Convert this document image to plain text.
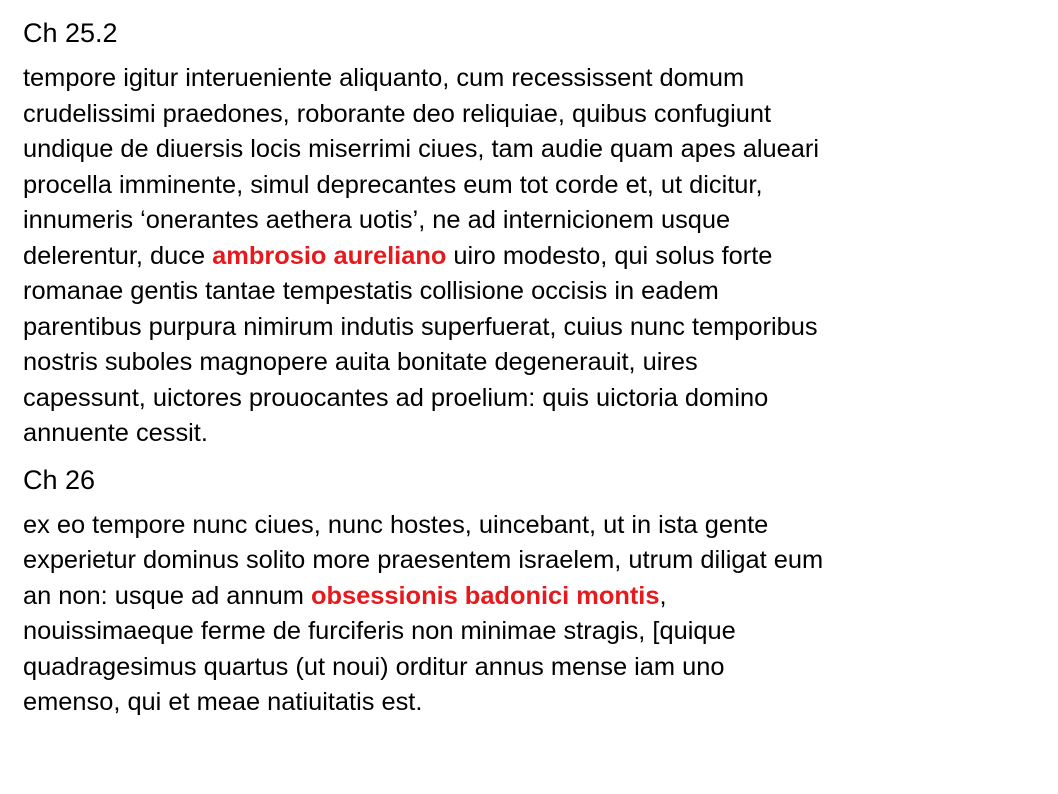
Ch 25.2
tempore igitur interueniente aliquanto, cum recessissent domum
crudelissimi praedones, roborante deo reliquiae, quibus confugiunt
undique de diuersis locis miserrimi ciues, tam audie quam apes alueari
procella imminente, simul deprecantes eum tot corde et, ut dicitur,
innumeris ‘onerantes aethera uotis’, ne ad internicionem usque
delerentur, duce ambrosio aureliano uiro modesto, qui solus forte
romanae gentis tantae tempestatis collisione occisis in eadem
parentibus purpura nimirum indutis superfuerat, cuius nunc temporibus
nostris suboles magnopere auita bonitate degenerauit, uires
capessunt, uictores prouocantes ad proelium: quis uictoria domino
annuente cessit.
Ch 26
ex eo tempore nunc ciues, nunc hostes, uincebant, ut in ista gente
experietur dominus solito more praesentem israelem, utrum diligat eum
an non: usque ad annum obsessionis badonici montis,
nouissimaeque ferme de furciferis non minimae stragis, [quique
quadragesimus quartus (ut noui) orditur annus mense iam uno
emenso, qui et meae natiuitatis est.
